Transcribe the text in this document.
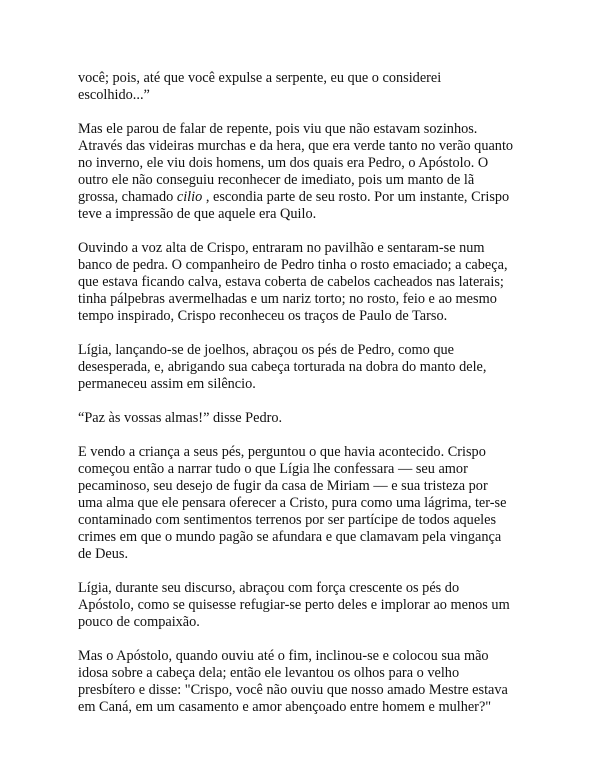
você; pois, até que você expulse a serpente, eu que o considerei
escolhido...”

Mas ele parou de falar de repente, pois viu que não estavam sozinhos.
Através das videiras murchas e da hera, que era verde tanto no verão quanto
no inverno, ele viu dois homens, um dos quais era Pedro, o Apóstolo. O
outro ele não conseguiu reconhecer de imediato, pois um manto de lã
grossa, chamado cilio , escondia parte de seu rosto. Por um instante, Crispo
teve a impressão de que aquele era Quilo.

Ouvindo a voz alta de Crispo, entraram no pavilhão e sentaram-se num
banco de pedra. O companheiro de Pedro tinha o rosto emaciado; a cabeça,
que estava ficando calva, estava coberta de cabelos cacheados nas laterais;
tinha pálpebras avermelhadas e um nariz torto; no rosto, feio e ao mesmo
tempo inspirado, Crispo reconheceu os traços de Paulo de Tarso.

Lígia, lançando-se de joelhos, abraçou os pés de Pedro, como que
desesperada, e, abrigando sua cabeça torturada na dobra do manto dele,
permaneceu assim em silêncio.

“Paz às vossas almas!” disse Pedro.

E vendo a criança a seus pés, perguntou o que havia acontecido. Crispo
começou então a narrar tudo o que Lígia lhe confessara — seu amor
pecaminoso, seu desejo de fugir da casa de Miriam — e sua tristeza por
uma alma que ele pensara oferecer a Cristo, pura como uma lágrima, ter-se
contaminado com sentimentos terrenos por ser partícipe de todos aqueles
crimes em que o mundo pagão se afundara e que clamavam pela vingança
de Deus.

Lígia, durante seu discurso, abraçou com força crescente os pés do
Apóstolo, como se quisesse refugiar-se perto deles e implorar ao menos um
pouco de compaixão.

Mas o Apóstolo, quando ouviu até o fim, inclinou-se e colocou sua mão
idosa sobre a cabeça dela; então ele levantou os olhos para o velho
presbítero e disse: "Crispo, você não ouviu que nosso amado Mestre estava
em Caná, em um casamento e amor abençoado entre homem e mulher?"
